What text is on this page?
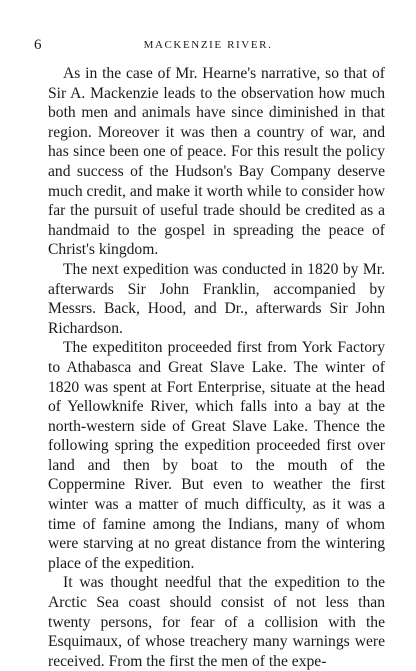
6	MACKENZIE RIVER.

As in the case of Mr. Hearne's narrative, so that of Sir A. Mackenzie leads to the observation how much both men and animals have since diminished in that region. Moreover it was then a country of war, and has since been one of peace. For this result the policy and success of the Hudson's Bay Company deserve much credit, and make it worth while to consider how far the pursuit of useful trade should be credited as a handmaid to the gospel in spreading the peace of Christ's kingdom.

The next expedition was conducted in 1820 by Mr. afterwards Sir John Franklin, accompanied by Messrs. Back, Hood, and Dr., afterwards Sir John Richardson.

The expedititon proceeded first from York Factory to Athabasca and Great Slave Lake. The winter of 1820 was spent at Fort Enterprise, situate at the head of Yellowknife River, which falls into a bay at the north-western side of Great Slave Lake. Thence the following spring the expedition proceeded first over land and then by boat to the mouth of the Coppermine River. But even to weather the first winter was a matter of much difficulty, as it was a time of famine among the Indians, many of whom were starving at no great distance from the wintering place of the expedition.

It was thought needful that the expedition to the Arctic Sea coast should consist of not less than twenty persons, for fear of a collision with the Esquimaux, of whose treachery many warnings were received. From the first the men of the expe-
